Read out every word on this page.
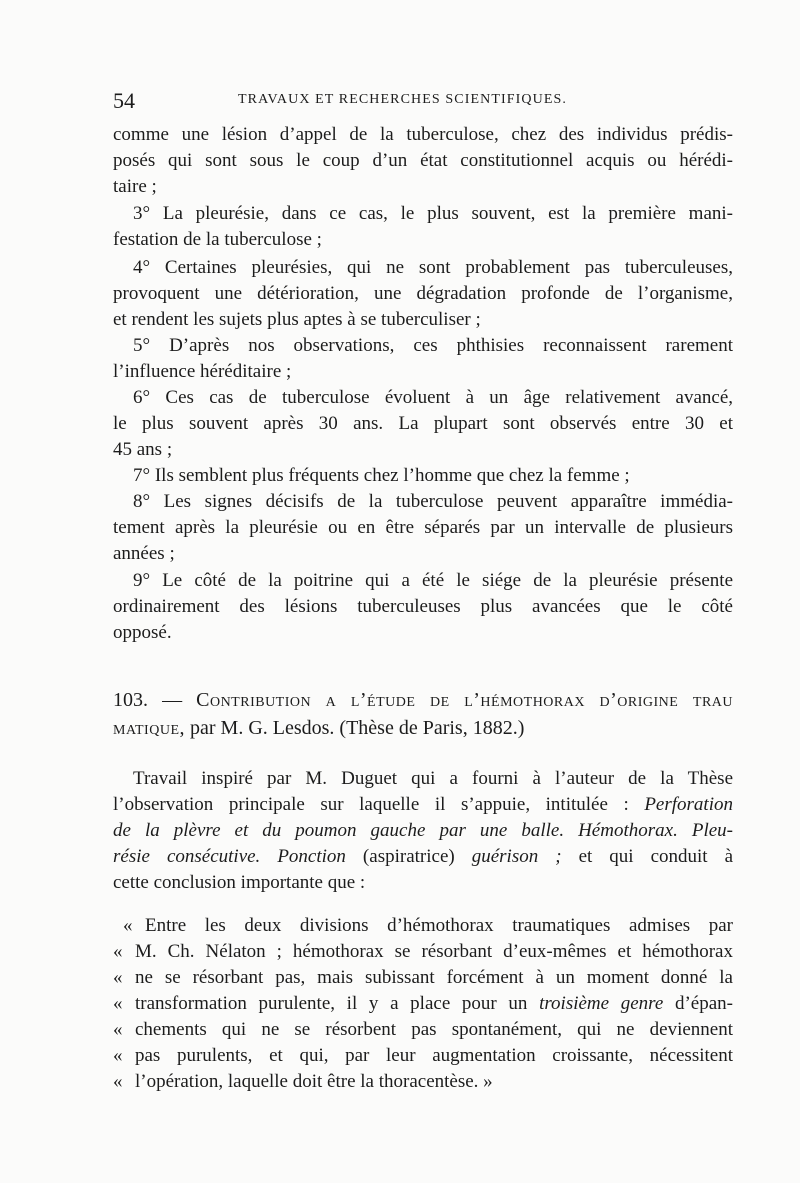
54	TRAVAUX ET RECHERCHES SCIENTIFIQUES.
comme une lésion d’appel de la tuberculose, chez des individus prédis-
posés qui sont sous le coup d’un état constitutionnel acquis ou hérédi-
taire ;
3° La pleurésie, dans ce cas, le plus souvent, est la première mani-
festation de la tuberculose ;
4° Certaines pleurésies, qui ne sont probablement pas tuberculeuses,
provoquent une détérioration, une dégradation profonde de l’organisme,
et rendent les sujets plus aptes à se tuberculiser ;
5° D’après nos observations, ces phthisies reconnaissent rarement
l’influence héréditaire ;
6° Ces cas de tuberculose évoluent à un âge relativement avancé,
le plus souvent après 30 ans. La plupart sont observés entre 30 et
45 ans ;
7° Ils semblent plus fréquents chez l’homme que chez la femme ;
8° Les signes décisifs de la tuberculose peuvent apparaître immédia-
tement après la pleurésie ou en être séparés par un intervalle de plusieurs
années ;
9° Le côté de la poitrine qui a été le siége de la pleurésie présente
ordinairement des lésions tuberculeuses plus avancées que le côté
opposé.
103. — Contribution a l’étude de l’hémothorax d’origine trau
matique, par M. G. Lesdos. (Thèse de Paris, 1882.)
Travail inspiré par M. Duguet qui a fourni à l’auteur de la Thèse
l’observation principale sur laquelle il s’appuie, intitulée : Perforation
de la plèvre et du poumon gauche par une balle. Hémothorax. Pleu-
résie consécutive. Ponction (aspiratrice) guérison ; et qui conduit à
cette conclusion importante que :
« Entre les deux divisions d’hémothorax traumatiques admises par
« M. Ch. Nélaton ; hémothorax se résorbant d’eux-mêmes et hémothorax
« ne se résorbant pas, mais subissant forcément à un moment donné la
« transformation purulente, il y a place pour un troisième genre d’épan-
« chements qui ne se résorbent pas spontanément, qui ne deviennent
« pas purulents, et qui, par leur augmentation croissante, nécessitent
« l’opération, laquelle doit être la thoracentèse. »
